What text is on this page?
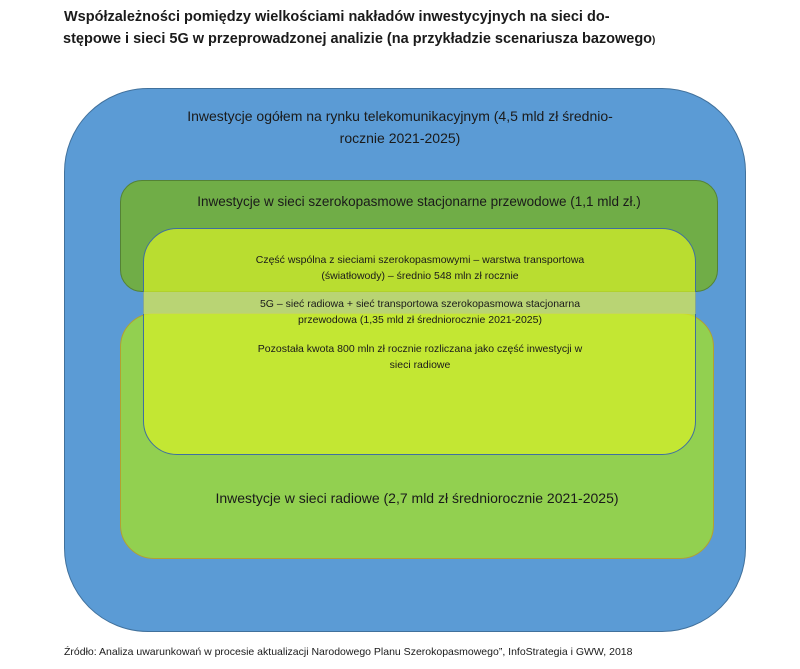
Współzależności pomiędzy wielkościami nakładów inwestycyjnych na sieci do-
stępowe i sieci 5G w przeprowadzonej analizie (na przykładzie scenariusza bazowego)
Inwestycje ogółem na rynku telekomunikacyjnym (4,5 mld zł średnio-
rocznie 2021-2025)
Inwestycje w sieci szerokopasmowe stacjonarne przewodowe (1,1 mld zł.)
Inwestycje w sieci radiowe (2,7 mld zł średniorocznie 2021-2025)
Część wspólna z sieciami szerokopasmowymi – warstwa transportowa
(światłowody) – średnio 548 mln zł rocznie
5G – sieć radiowa + sieć transportowa szerokopasmowa stacjonarna
przewodowa (1,35 mld zł średniorocznie 2021-2025)
Pozostała kwota 800 mln zł rocznie rozliczana jako część inwestycji w
sieci radiowe
Źródło: Analiza uwarunkowań w procesie aktualizacji Narodowego Planu Szerokopasmowego”, InfoStrategia i GWW, 2018
